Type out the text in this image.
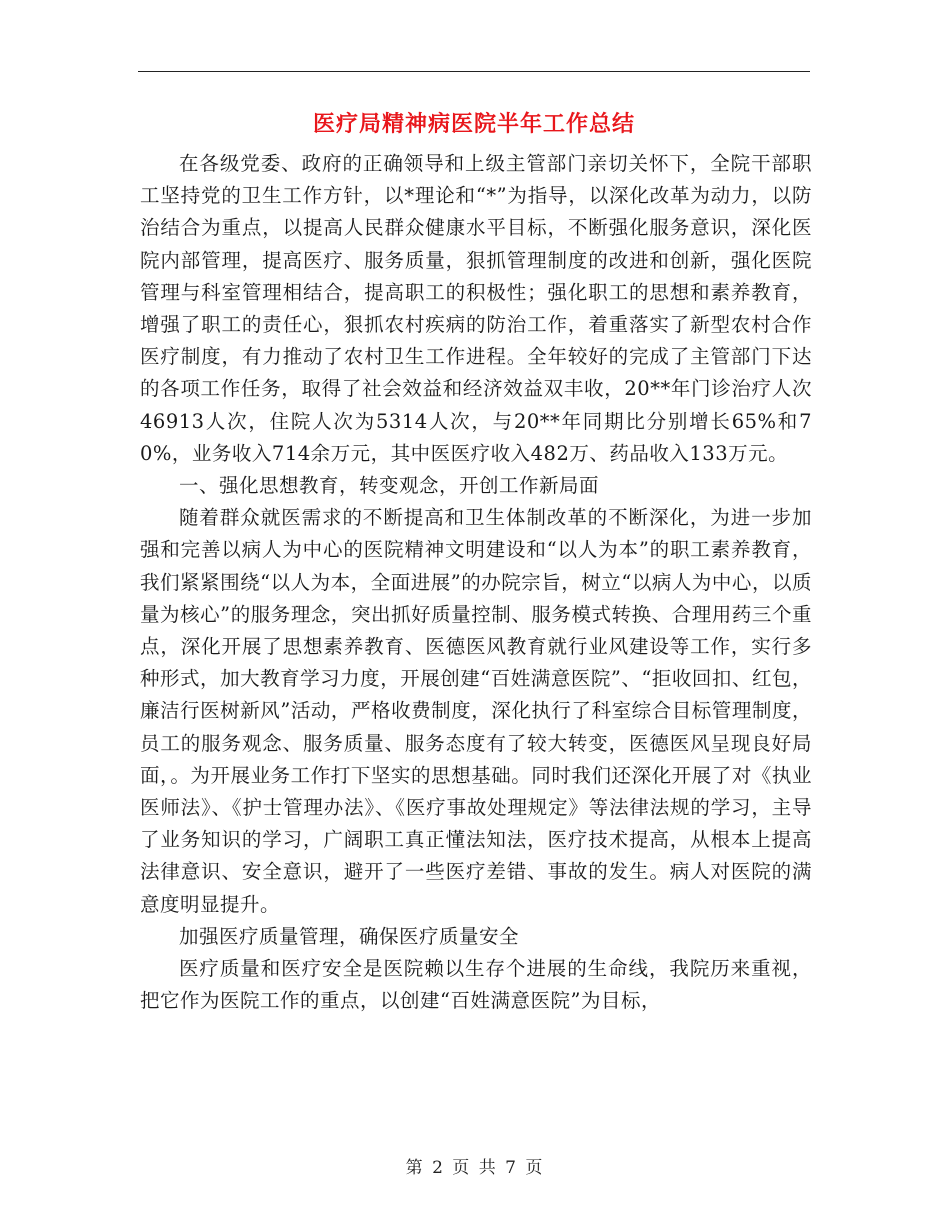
医疗局精神病医院半年工作总结

在各级党委、政府的正确领导和上级主管部门亲切关怀下，全院干部职工坚持党的卫生工作方针，以*理论和“*”为指导，以深化改革为动力，以防治结合为重点，以提高人民群众健康水平目标，不断强化服务意识，深化医院内部管理，提高医疗、服务质量，狠抓管理制度的改进和创新，强化医院管理与科室管理相结合，提高职工的积极性；强化职工的思想和素养教育，增强了职工的责任心，狠抓农村疾病的防治工作，着重落实了新型农村合作医疗制度，有力推动了农村卫生工作进程。全年较好的完成了主管部门下达的各项工作任务，取得了社会效益和经济效益双丰收，20**年门诊治疗人次46913人次，住院人次为5314人次，与20**年同期比分别增长65%和70%，业务收入714余万元，其中医医疗收入482万、药品收入133万元。

一、强化思想教育，转变观念，开创工作新局面

随着群众就医需求的不断提高和卫生体制改革的不断深化，为进一步加强和完善以病人为中心的医院精神文明建设和“以人为本”的职工素养教育，我们紧紧围绕“以人为本，全面进展”的办院宗旨，树立“以病人为中心，以质量为核心”的服务理念，突出抓好质量控制、服务模式转换、合理用药三个重点，深化开展了思想素养教育、医德医风教育就行业风建设等工作，实行多种形式，加大教育学习力度，开展创建“百姓满意医院”、“拒收回扣、红包，廉洁行医树新风”活动，严格收费制度，深化执行了科室综合目标管理制度，员工的服务观念、服务质量、服务态度有了较大转变，医德医风呈现良好局面，。为开展业务工作打下坚实的思想基础。同时我们还深化开展了对《执业医师法》、《护士管理办法》、《医疗事故处理规定》等法律法规的学习，主导了业务知识的学习，广阔职工真正懂法知法，医疗技术提高，从根本上提高法律意识、安全意识，避开了一些医疗差错、事故的发生。病人对医院的满意度明显提升。

加强医疗质量管理，确保医疗质量安全

医疗质量和医疗安全是医院赖以生存个进展的生命线，我院历来重视，把它作为医院工作的重点，以创建“百姓满意医院”为目标，

第 2 页 共 7 页
